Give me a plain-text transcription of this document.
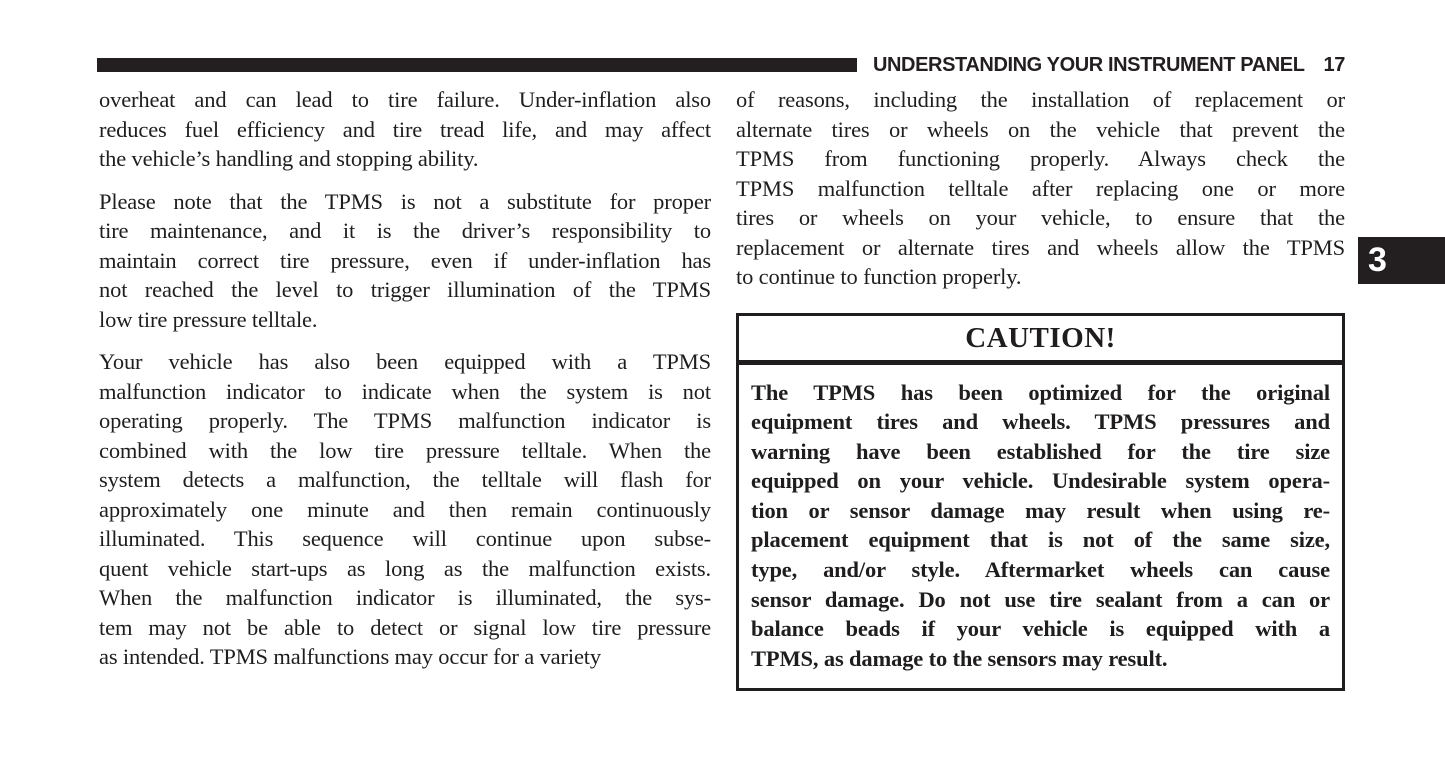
UNDERSTANDING YOUR INSTRUMENT PANEL 17
overheat and can lead to tire failure. Under-inflation also
reduces fuel efficiency and tire tread life, and may affect
the vehicle’s handling and stopping ability.
Please note that the TPMS is not a substitute for proper
tire maintenance, and it is the driver’s responsibility to
maintain correct tire pressure, even if under-inflation has
not reached the level to trigger illumination of the TPMS
low tire pressure telltale.
Your vehicle has also been equipped with a TPMS
malfunction indicator to indicate when the system is not
operating properly. The TPMS malfunction indicator is
combined with the low tire pressure telltale. When the
system detects a malfunction, the telltale will flash for
approximately one minute and then remain continuously
illuminated. This sequence will continue upon subse-
quent vehicle start-ups as long as the malfunction exists.
When the malfunction indicator is illuminated, the sys-
tem may not be able to detect or signal low tire pressure
as intended. TPMS malfunctions may occur for a variety
of reasons, including the installation of replacement or
alternate tires or wheels on the vehicle that prevent the
TPMS from functioning properly. Always check the
TPMS malfunction telltale after replacing one or more
tires or wheels on your vehicle, to ensure that the
replacement or alternate tires and wheels allow the TPMS
to continue to function properly.
CAUTION!
The TPMS has been optimized for the original
equipment tires and wheels. TPMS pressures and
warning have been established for the tire size
equipped on your vehicle. Undesirable system opera-
tion or sensor damage may result when using re-
placement equipment that is not of the same size,
type, and/or style. Aftermarket wheels can cause
sensor damage. Do not use tire sealant from a can or
balance beads if your vehicle is equipped with a
TPMS, as damage to the sensors may result.
3
